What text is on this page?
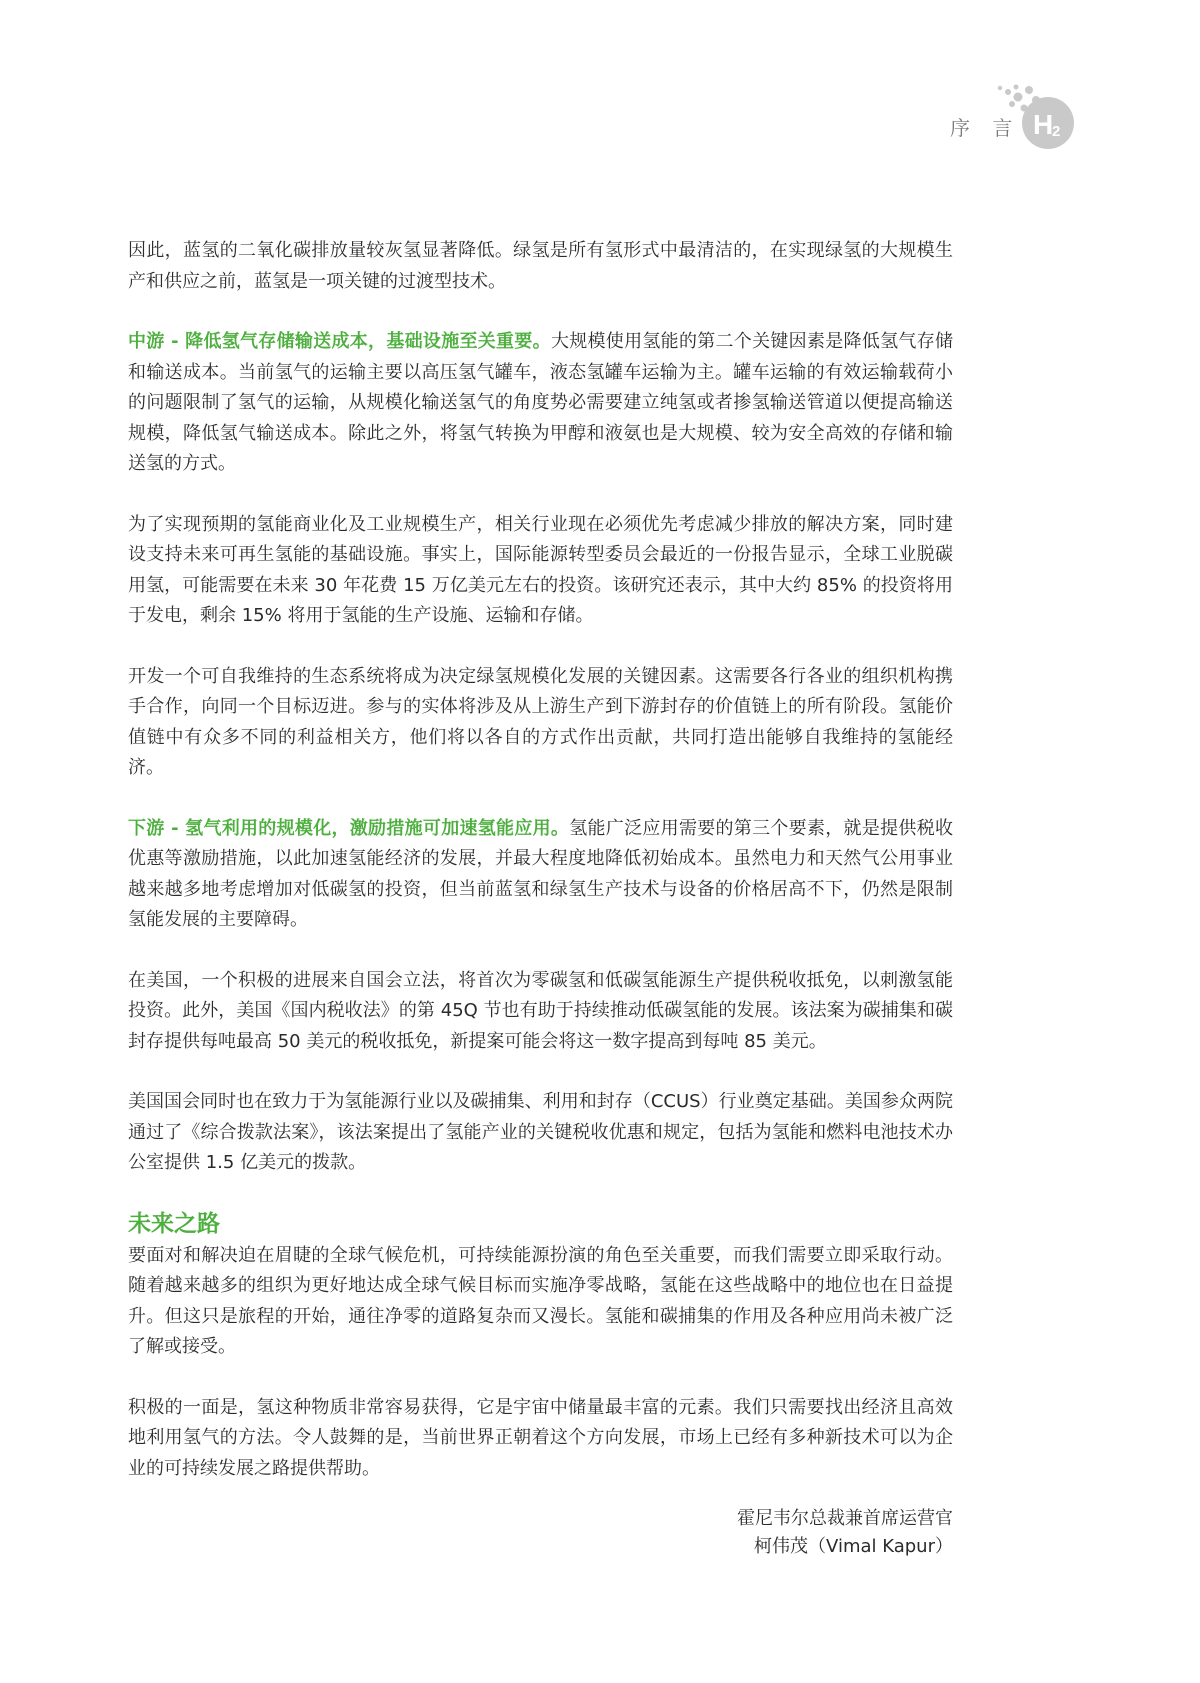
序 言 H
2

因此，蓝氢的二氧化碳排放量较灰氢显著降低。绿氢是所有氢形式中最清洁的，在实现绿氢的大规模生产和供应之前，蓝氢是一项关键的过渡型技术。

中游 - 降低氢气存储输送成本，基础设施至关重要。大规模使用氢能的第二个关键因素是降低氢气存储和输送成本。当前氢气的运输主要以高压氢气罐车，液态氢罐车运输为主。罐车运输的有效运输载荷小的问题限制了氢气的运输，从规模化输送氢气的角度势必需要建立纯氢或者掺氢输送管道以便提高输送规模，降低氢气输送成本。除此之外，将氢气转换为甲醇和液氨也是大规模、较为安全高效的存储和输送氢的方式。

为了实现预期的氢能商业化及工业规模生产，相关行业现在必须优先考虑减少排放的解决方案，同时建设支持未来可再生氢能的基础设施。事实上，国际能源转型委员会最近的一份报告显示，全球工业脱碳用氢，可能需要在未来 30 年花费 15 万亿美元左右的投资。该研究还表示，其中大约 85% 的投资将用于发电，剩余 15% 将用于氢能的生产设施、运输和存储。

开发一个可自我维持的生态系统将成为决定绿氢规模化发展的关键因素。这需要各行各业的组织机构携手合作，向同一个目标迈进。参与的实体将涉及从上游生产到下游封存的价值链上的所有阶段。氢能价值链中有众多不同的利益相关方，他们将以各自的方式作出贡献，共同打造出能够自我维持的氢能经济。

下游 - 氢气利用的规模化，激励措施可加速氢能应用。氢能广泛应用需要的第三个要素，就是提供税收优惠等激励措施，以此加速氢能经济的发展，并最大程度地降低初始成本。虽然电力和天然气公用事业越来越多地考虑增加对低碳氢的投资，但当前蓝氢和绿氢生产技术与设备的价格居高不下，仍然是限制氢能发展的主要障碍。

在美国，一个积极的进展来自国会立法，将首次为零碳氢和低碳氢能源生产提供税收抵免，以刺激氢能投资。此外，美国《国内税收法》的第 45Q 节也有助于持续推动低碳氢能的发展。该法案为碳捕集和碳封存提供每吨最高 50 美元的税收抵免，新提案可能会将这一数字提高到每吨 85 美元。

美国国会同时也在致力于为氢能源行业以及碳捕集、利用和封存（CCUS）行业奠定基础。美国参众两院通过了《综合拨款法案》，该法案提出了氢能产业的关键税收优惠和规定，包括为氢能和燃料电池技术办公室提供 1.5 亿美元的拨款。

未来之路

要面对和解决迫在眉睫的全球气候危机，可持续能源扮演的角色至关重要，而我们需要立即采取行动。随着越来越多的组织为更好地达成全球气候目标而实施净零战略，氢能在这些战略中的地位也在日益提升。但这只是旅程的开始，通往净零的道路复杂而又漫长。氢能和碳捕集的作用及各种应用尚未被广泛了解或接受。

积极的一面是，氢这种物质非常容易获得，它是宇宙中储量最丰富的元素。我们只需要找出经济且高效地利用氢气的方法。令人鼓舞的是，当前世界正朝着这个方向发展，市场上已经有多种新技术可以为企业的可持续发展之路提供帮助。

霍尼韦尔总裁兼首席运营官
柯伟茂（Vimal Kapur）
